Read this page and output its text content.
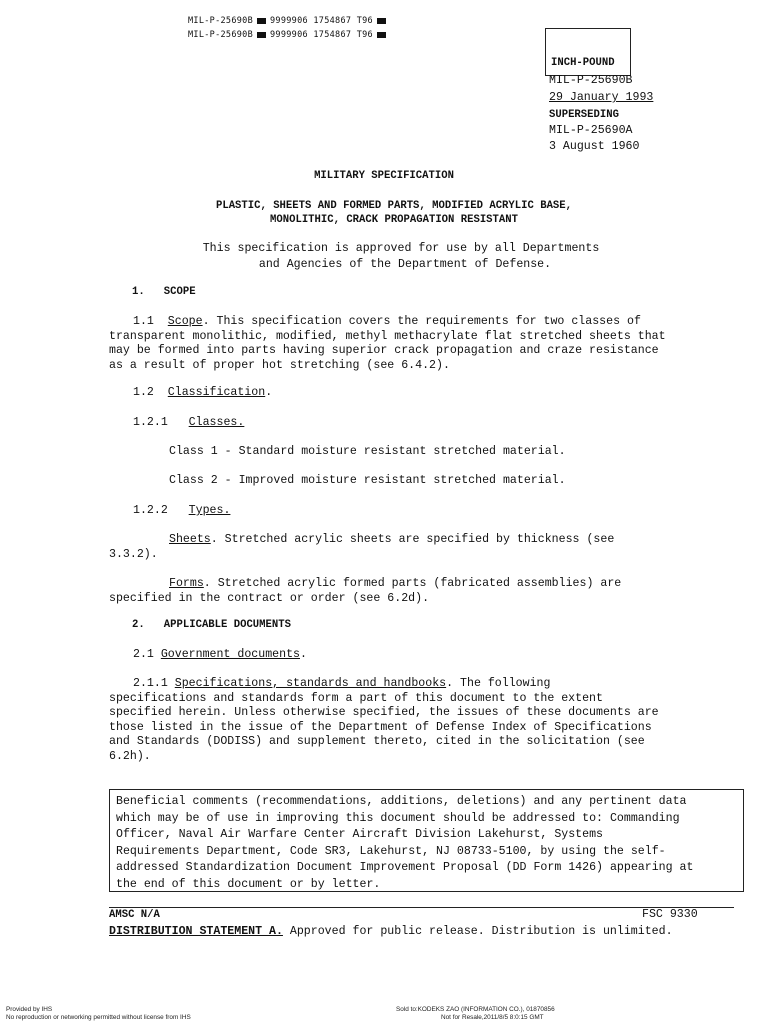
MIL-P-25690B 9999906 1754867 T96
MIL-P-25690B 9999906 1754867 T96
INCH-POUND
MIL-P-25690B
29 January 1993
SUPERSEDING
MIL-P-25690A
3 August 1960
MILITARY SPECIFICATION
PLASTIC, SHEETS AND FORMED PARTS, MODIFIED ACRYLIC BASE,
MONOLITHIC, CRACK PROPAGATION RESISTANT
This specification is approved for use by all Departments
and Agencies of the Department of Defense.
1. SCOPE
1.1 Scope. This specification covers the requirements for two classes of
transparent monolithic, modified, methyl methacrylate flat stretched sheets that
may be formed into parts having superior crack propagation and craze resistance
as a result of proper hot stretching (see 6.4.2).
1.2 Classification.
1.2.1 Classes.
Class 1 - Standard moisture resistant stretched material.
Class 2 - Improved moisture resistant stretched material.
1.2.2 Types.
Sheets. Stretched acrylic sheets are specified by thickness (see
3.3.2).
Forms. Stretched acrylic formed parts (fabricated assemblies) are
specified in the contract or order (see 6.2d).
2. APPLICABLE DOCUMENTS
2.1 Government documents.
2.1.1 Specifications, standards and handbooks. The following
specifications and standards form a part of this document to the extent
specified herein. Unless otherwise specified, the issues of these documents are
those listed in the issue of the Department of Defense Index of Specifications
and Standards (DODISS) and supplement thereto, cited in the solicitation (see
6.2h).
Beneficial comments (recommendations, additions, deletions) and any pertinent data
which may be of use in improving this document should be addressed to: Commanding
Officer, Naval Air Warfare Center Aircraft Division Lakehurst, Systems
Requirements Department, Code SR3, Lakehurst, NJ 08733-5100, by using the self-
addressed Standardization Document Improvement Proposal (DD Form 1426) appearing at
the end of this document or by letter.
AMSC N/A	FSC 9330
DISTRIBUTION STATEMENT A. Approved for public release. Distribution is unlimited.
Provided by IHS
No reproduction or networking permitted without license from IHS
Sold to:KODEKS ZAO (INFORMATION CO.), 01870856
Not for Resale,2011/8/5 8:0:15 GMT
